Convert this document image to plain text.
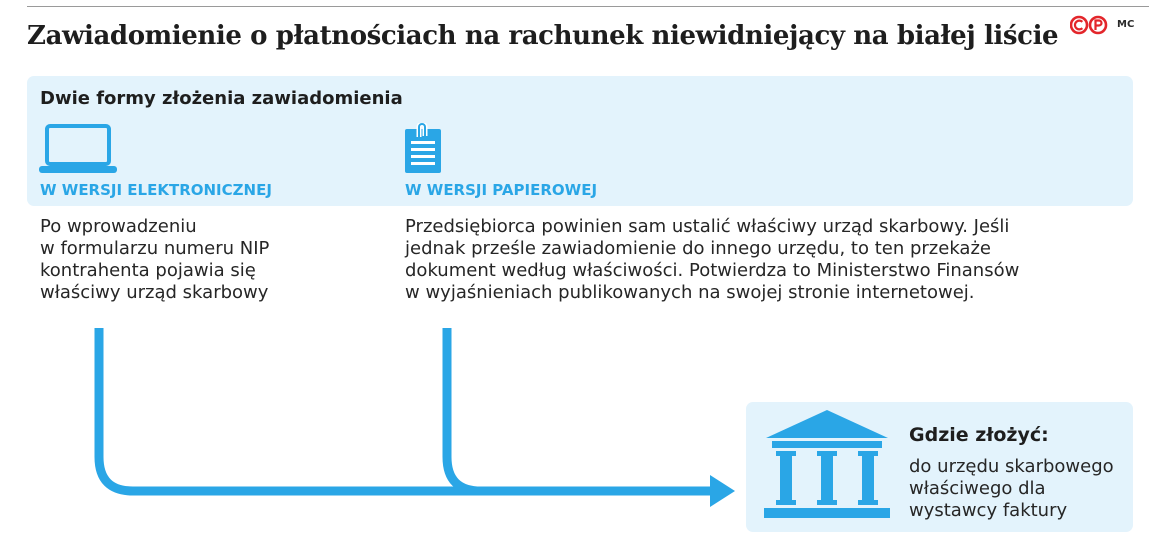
Zawiadomienie o płatnościach na rachunek niewidniejący na białej liście	MC
Dwie formy złożenia zawiadomienia
W WERSJI ELEKTRONICZNEJ	W WERSJI PAPIEROWEJ
Po wprowadzeniu
w formularzu numeru NIP
kontrahenta pojawia się
właściwy urząd skarbowy
Przedsiębiorca powinien sam ustalić właściwy urząd skarbowy. Jeśli
jednak prześle zawiadomienie do innego urzędu, to ten przekaże
dokument według właściwości. Potwierdza to Ministerstwo Finansów
w wyjaśnieniach publikowanych na swojej stronie internetowej.
Gdzie złożyć:
do urzędu skarbowego
właściwego dla
wystawcy faktury
